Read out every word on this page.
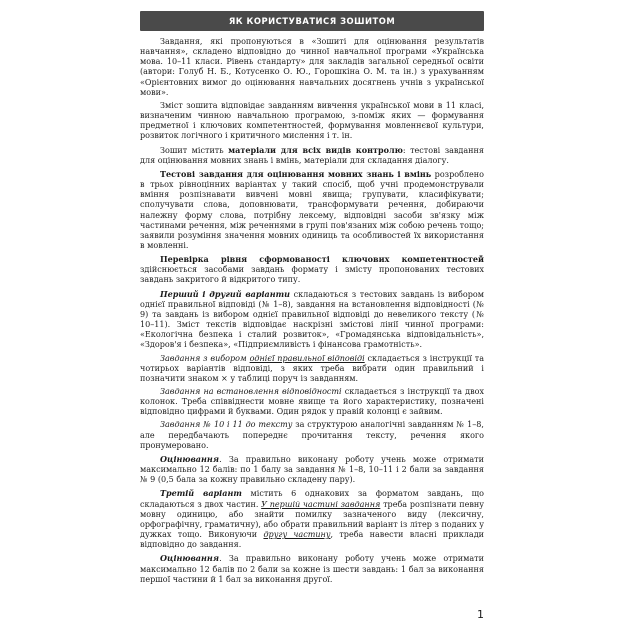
ЯК КОРИСТУВАТИСЯ ЗОШИТОМ

Завдання, які пропонуються в «Зошиті для оцінювання результатів навчання», складено відповідно до чинної навчальної програми «Українська мова. 10–11 класи. Рівень стандарту» для закладів загальної середньої освіти (автори: Голуб Н. Б., Котусенко О. Ю., Горошкіна О. М. та ін.) з урахуванням «Орієнтовних вимог до оцінювання навчальних досягнень учнів з української мови».

Зміст зошита відповідає завданням вивчення української мови в 11 класі, визначеним чинною навчальною програмою, з-поміж яких — формування предметної і ключових компетентностей, формування мовленнєвої культури, розвиток логічного і критичного мислення і т. ін.

Зошит містить матеріали для всіх видів контролю: тестові завдання для оцінювання мовних знань і вмінь, матеріали для складання діалогу.

Тестові завдання для оцінювання мовних знань і вмінь розроблено в трьох рівноцінних варіантах у такий спосіб, щоб учні продемонстрували вміння розпізнавати вивчені мовні явища; групувати, класифікувати; сполучувати слова, доповнювати, трансформувати речення, добираючи належну форму слова, потрібну лексему, відповідні засоби зв'язку між частинами речення, між реченнями в групі пов'язаних між собою речень тощо; заявили розуміння значення мовних одиниць та особливостей їх використання в мовленні.

Перевірка рівня сформованості ключових компетентностей здійснюється засобами завдань формату і змісту пропонованих тестових завдань закритого й відкритого типу.

Перший і другий варіанти складаються з тестових завдань із вибором однієї правильної відповіді (№ 1–8), завдання на встановлення відповідності (№ 9) та завдань із вибором однієї правильної відповіді до невеликого тексту (№ 10–11). Зміст текстів відповідає наскрізні змістові лінії чинної програми: «Екологічна безпека і сталий розвиток», «Громадянська відповідальність», «Здоров'я і безпека», «Підприємливість і фінансова грамотність».

Завдання з вибором однієї правильної відповіді складається з інструкції та чотирьох варіантів відповіді, з яких треба вибрати один правильний і позначити знаком × у таблиці поруч із завданням.

Завдання на встановлення відповідності складається з інструкції та двох колонок. Треба співвіднести мовне явище та його характеристику, позначені відповідно цифрами й буквами. Один рядок у правій колонці є зайвим.

Завдання № 10 і 11 до тексту за структурою аналогічні завданням № 1–8, але передбачають попереднє прочитання тексту, речення якого пронумеровано.

Оцінювання. За правильно виконану роботу учень може отримати максимально 12 балів: по 1 балу за завдання № 1–8, 10–11 і 2 бали за завдання № 9 (0,5 бала за кожну правильно складену пару).

Третій варіант містить 6 однакових за форматом завдань, що складаються з двох частин. У першій частині завдання треба розпізнати певну мовну одиницю, або знайти помилку зазначеного виду (лексичну, орфографічну, граматичну), або обрати правильний варіант із літер з поданих у дужках тощо. Виконуючи другу частину, треба навести власні приклади відповідно до завдання.

Оцінювання. За правильно виконану роботу учень може отримати максимально 12 балів по 2 бали за кожне із шести завдань: 1 бал за виконання першої частини й 1 бал за виконання другої.

1
